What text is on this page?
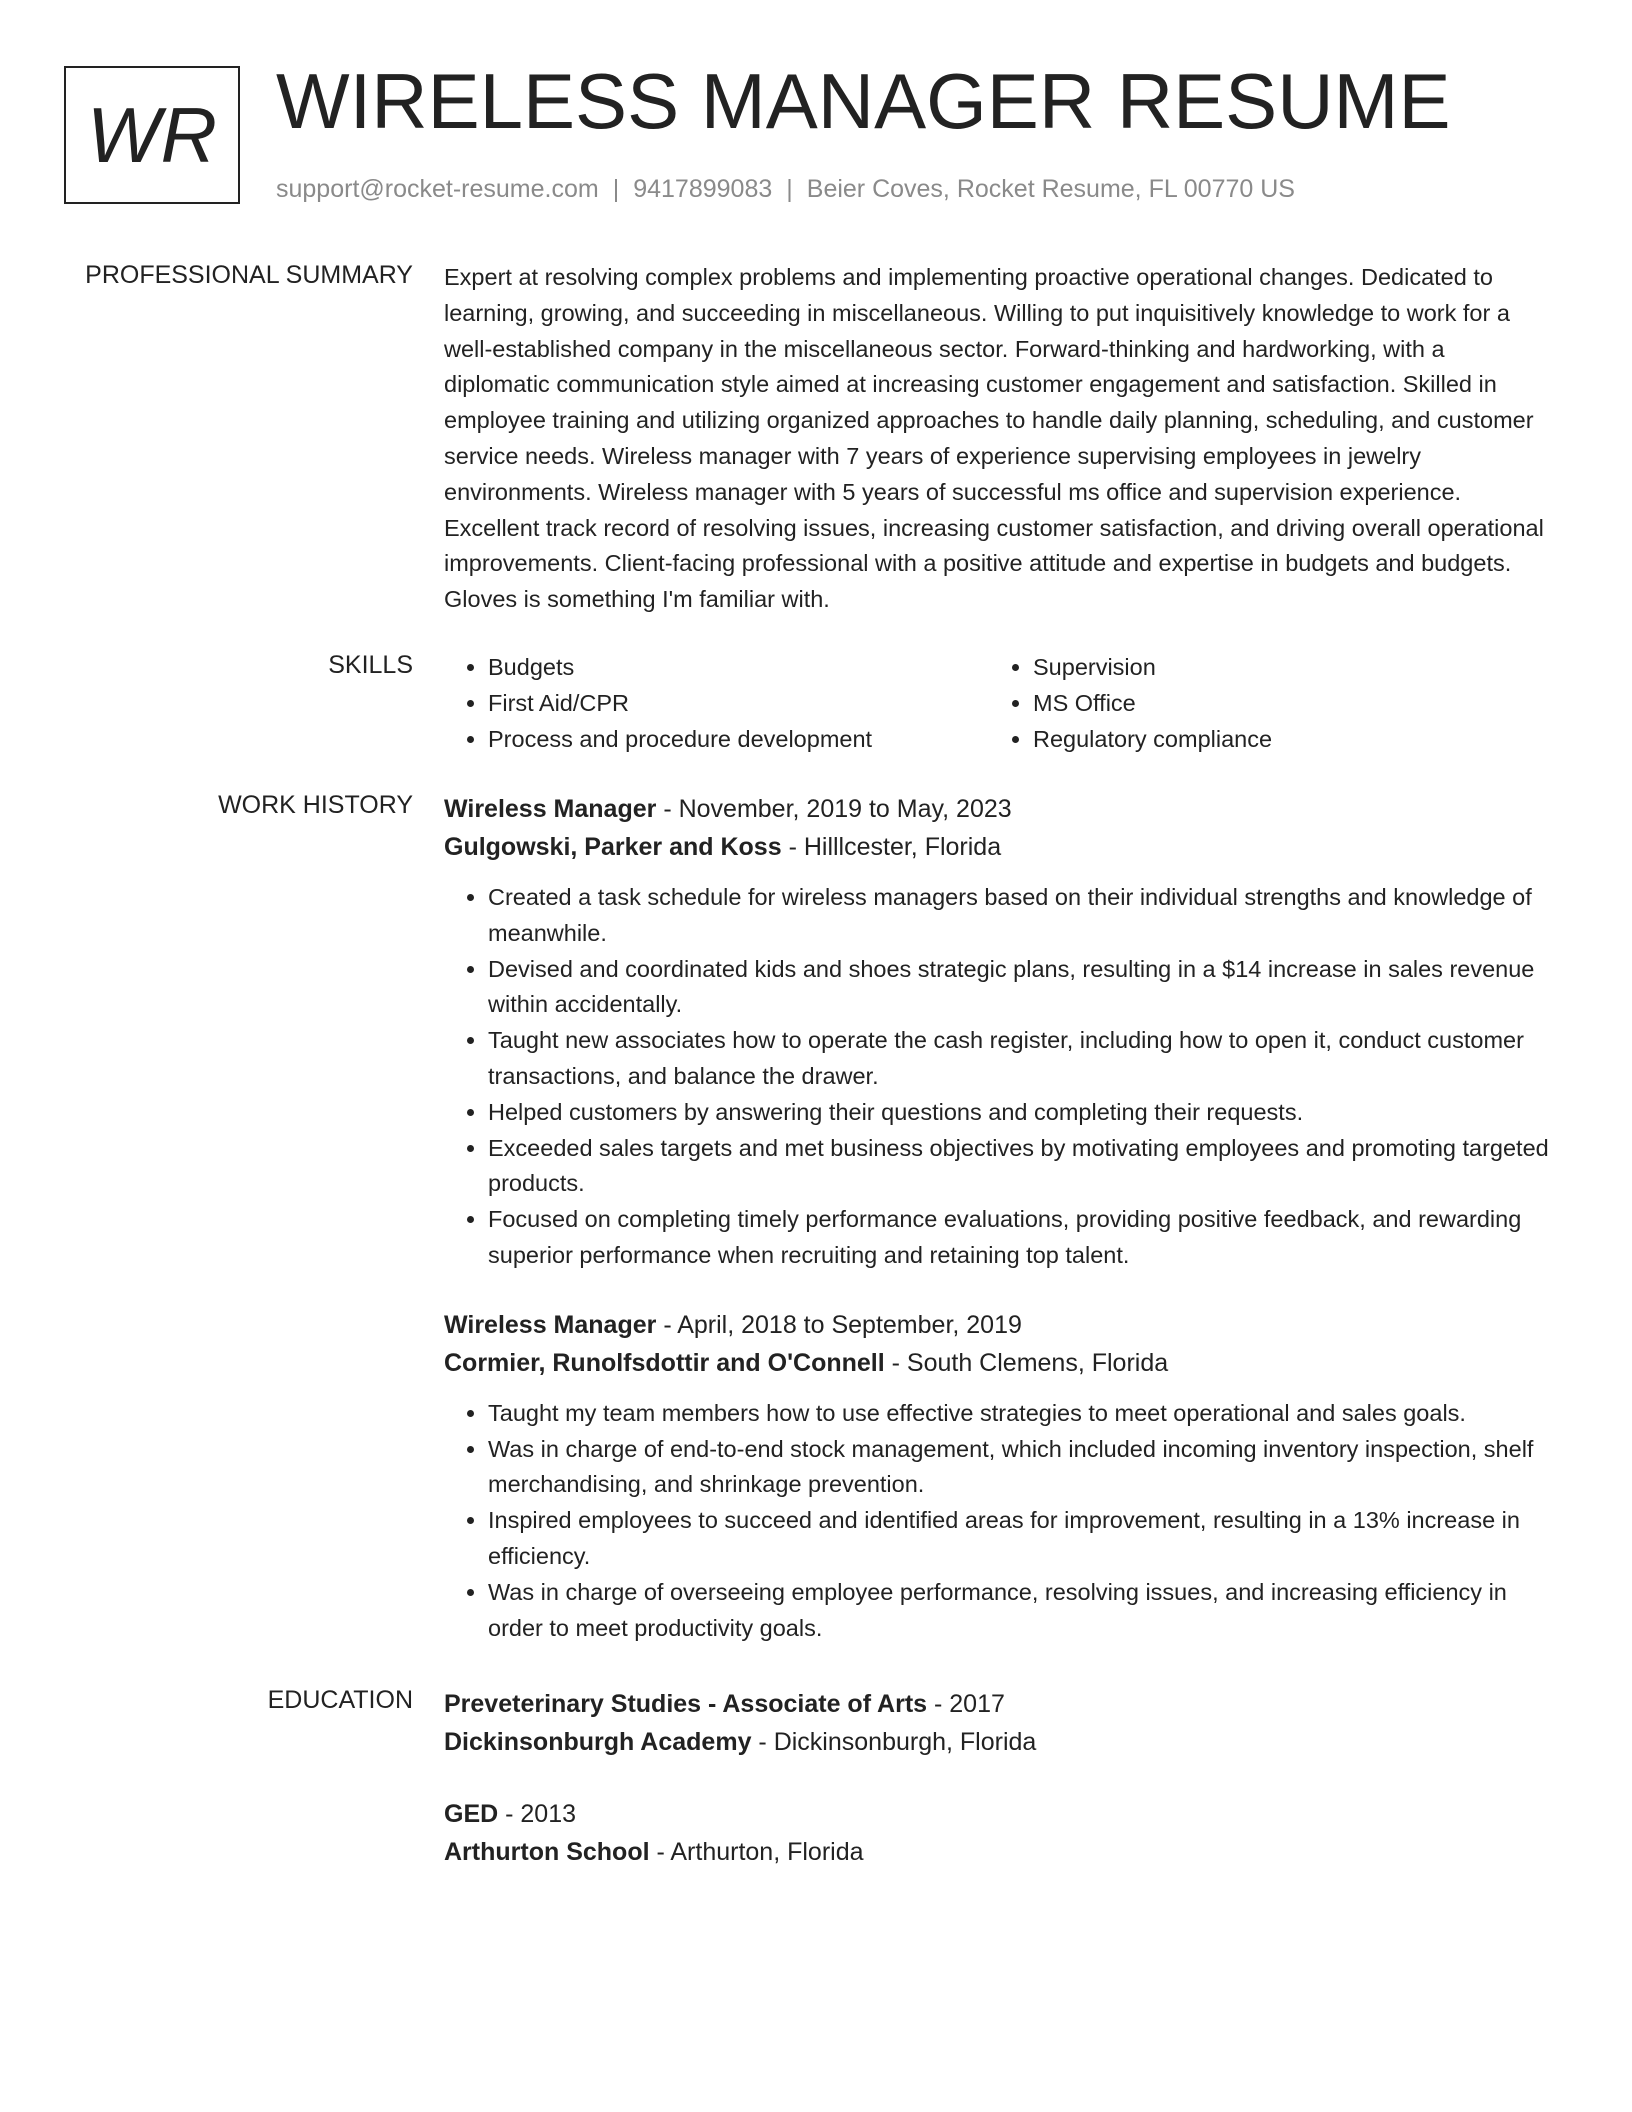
WR WIRELESS MANAGER RESUME
support@rocket-resume.com | 9417899083 | Beier Coves, Rocket Resume, FL 00770 US
PROFESSIONAL SUMMARY Expert at resolving complex problems and implementing proactive operational changes. Dedicated to learning, growing, and succeeding in miscellaneous. Willing to put inquisitively knowledge to work for a well-established company in the miscellaneous sector. Forward-thinking and hardworking, with a diplomatic communication style aimed at increasing customer engagement and satisfaction. Skilled in employee training and utilizing organized approaches to handle daily planning, scheduling, and customer service needs. Wireless manager with 7 years of experience supervising employees in jewelry environments. Wireless manager with 5 years of successful ms office and supervision experience. Excellent track record of resolving issues, increasing customer satisfaction, and driving overall operational improvements. Client-facing professional with a positive attitude and expertise in budgets and budgets. Gloves is something I'm familiar with.

SKILLS
•	Budgets
• First Aid/CPR
• Process and procedure development
• Supervision
• MS Office
• Regulatory compliance
WORK HISTORY Wireless Manager - November, 2019 to May, 2023
Gulgowski, Parker and Koss - Hilllcester, Florida
• Created a task schedule for wireless managers based on their individual strengths and knowledge of meanwhile.
• Devised and coordinated kids and shoes strategic plans, resulting in a $14 increase in sales revenue within accidentally.
• Taught new associates how to operate the cash register, including how to open it, conduct customer transactions, and balance the drawer.
• Helped customers by answering their questions and completing their requests.
• Exceeded sales targets and met business objectives by motivating employees and promoting targeted products.
• Focused on completing timely performance evaluations, providing positive feedback, and rewarding superior performance when recruiting and retaining top talent.
Wireless Manager - April, 2018 to September, 2019
Cormier, Runolfsdottir and O'Connell - South Clemens, Florida
• Taught my team members how to use effective strategies to meet operational and sales goals.
• Was in charge of end-to-end stock management, which included incoming inventory inspection, shelf merchandising, and shrinkage prevention.
• Inspired employees to succeed and identified areas for improvement, resulting in a 13% increase in efficiency.
• Was in charge of overseeing employee performance, resolving issues, and increasing efficiency in order to meet productivity goals.
EDUCATION Preveterinary Studies - Associate of Arts - 2017
Dickinsonburgh Academy - Dickinsonburgh, Florida
GED - 2013
Arthurton School - Arthurton, Florida
